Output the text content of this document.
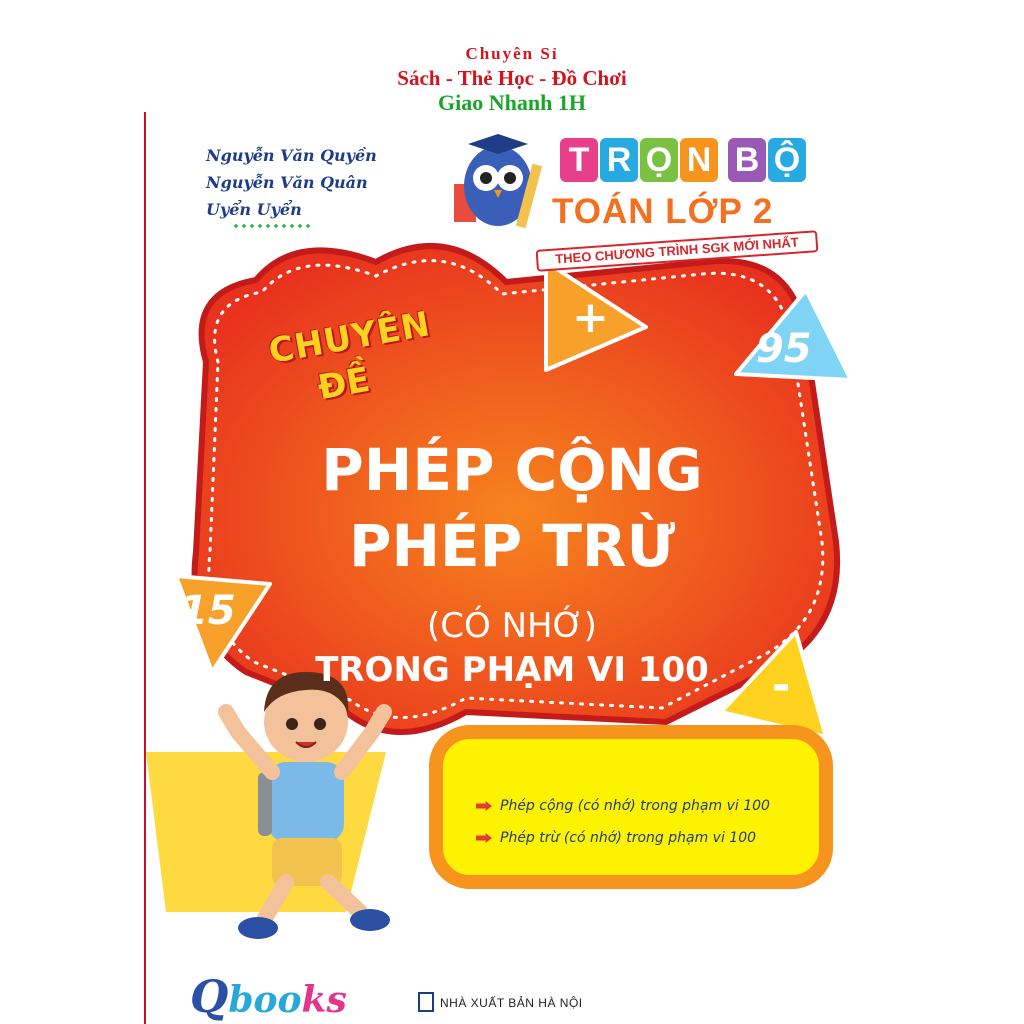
Chuyên Sỉ
Sách - Thẻ Học - Đồ Chơi
Giao Nhanh 1H
Nguyễn Văn Quyền
Nguyễn Văn Quân
Uyển Uyển
T R Ọ N B Ộ
TOÁN LỚP 2
THEO CHƯƠNG TRÌNH SGK MỚI NHẤT
CHUYÊN
ĐỀ
PHÉP CỘNG
PHÉP TRỪ
(CÓ NHỚ)
TRONG PHẠM VI 100
+
95
15
-
Phép cộng (có nhớ) trong phạm vi 100
Phép trừ (có nhớ) trong phạm vi 100
Qbooks	NHÀ XUẤT BẢN HÀ NỘI
